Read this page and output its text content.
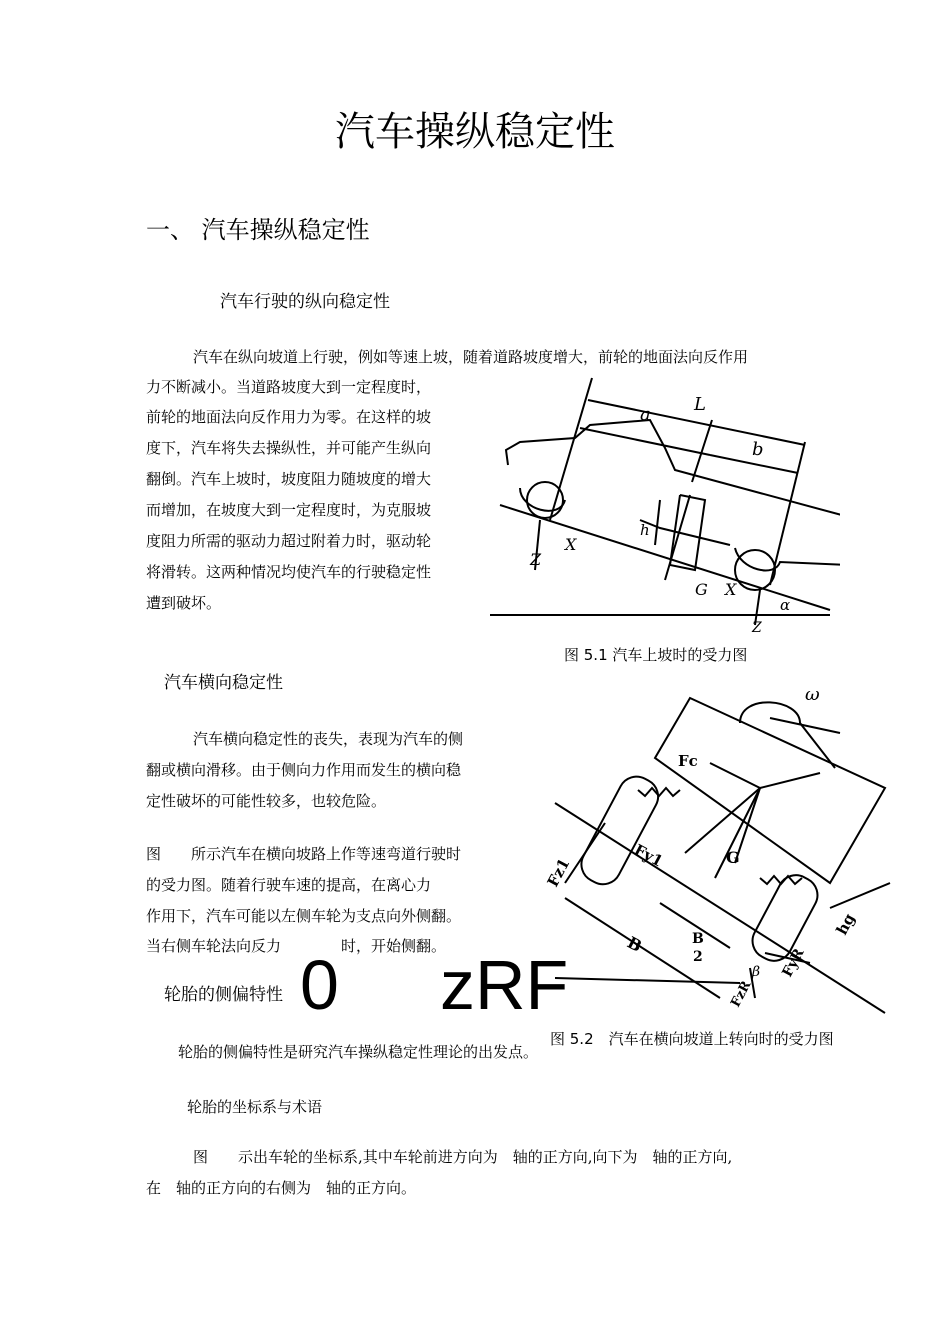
汽车操纵稳定性
一、 汽车操纵稳定性
汽车行驶的纵向稳定性
汽车在纵向坡道上行驶，例如等速上坡，随着道路坡度增大，前轮的地面法向反作用
力不断减小。当道路坡度大到一定程度时，
前轮的地面法向反作用力为零。在这样的坡
度下，汽车将失去操纵性，并可能产生纵向
翻倒。汽车上坡时，坡度阻力随坡度的增大
而增加，在坡度大到一定程度时，为克服坡
度阻力所需的驱动力超过附着力时，驱动轮
将滑转。这两种情况均使汽车的行驶稳定性
遭到破坏。
L
a
b
h
X
Z
G X
α
Z
图 5.1 汽车上坡时的受力图
汽车横向稳定性
汽车横向稳定性的丧失，表现为汽车的侧
翻或横向滑移。由于侧向力作用而发生的横向稳
定性破坏的可能性较多，也较危险。
图　　所示汽车在横向坡路上作等速弯道行驶时
的受力图。随着行驶车速的提高，在离心力
作用下，汽车可能以左侧车轮为支点向外侧翻。
当右侧车轮法向反力　　　　时，开始侧翻。
ω
Fc
Fy1
Fz1	G
B	B
2
hg
FyR
FzR
β
轮胎的侧偏特性 0 zRF
图 5.2　汽车在横向坡道上转向时的受力图
轮胎的侧偏特性是研究汽车操纵稳定性理论的出发点。
轮胎的坐标系与术语
图　　示出车轮的坐标系,其中车轮前进方向为　轴的正方向,向下为　轴的正方向,
在　轴的正方向的右侧为　轴的正方向。
